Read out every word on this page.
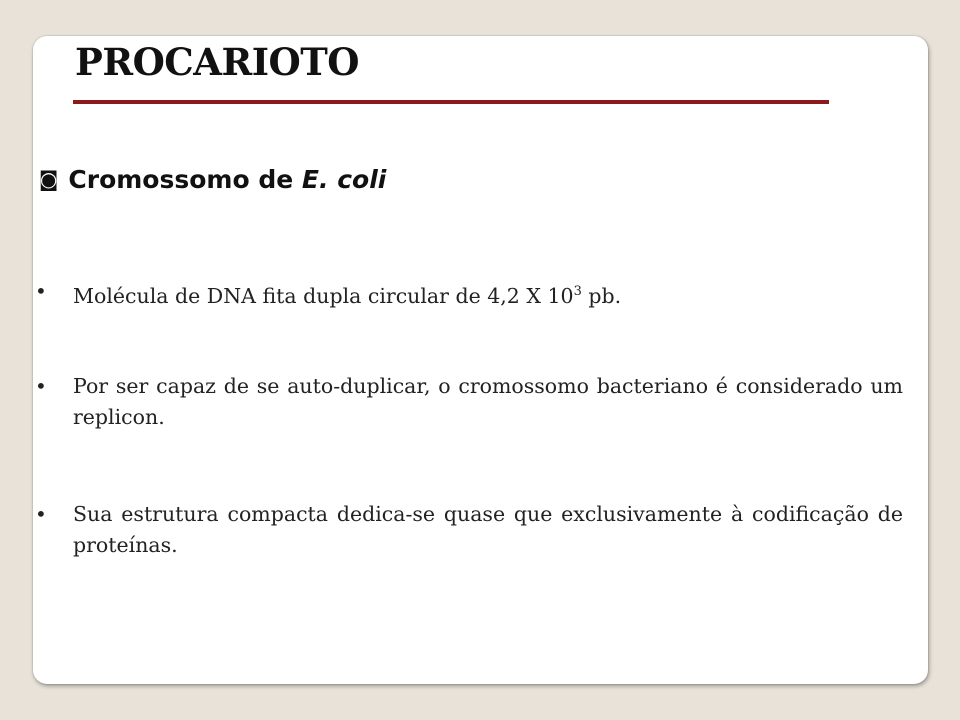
PROCARIOTO
◙ Cromossomo de E. coli
• Molécula de DNA fita dupla circular de 4,2 X $10^3$ pb.
• Por ser capaz de se auto-duplicar, o cromossomo bacteriano é considerado um replicon.
• Sua estrutura compacta dedica-se quase que exclusivamente à codificação de proteínas.
